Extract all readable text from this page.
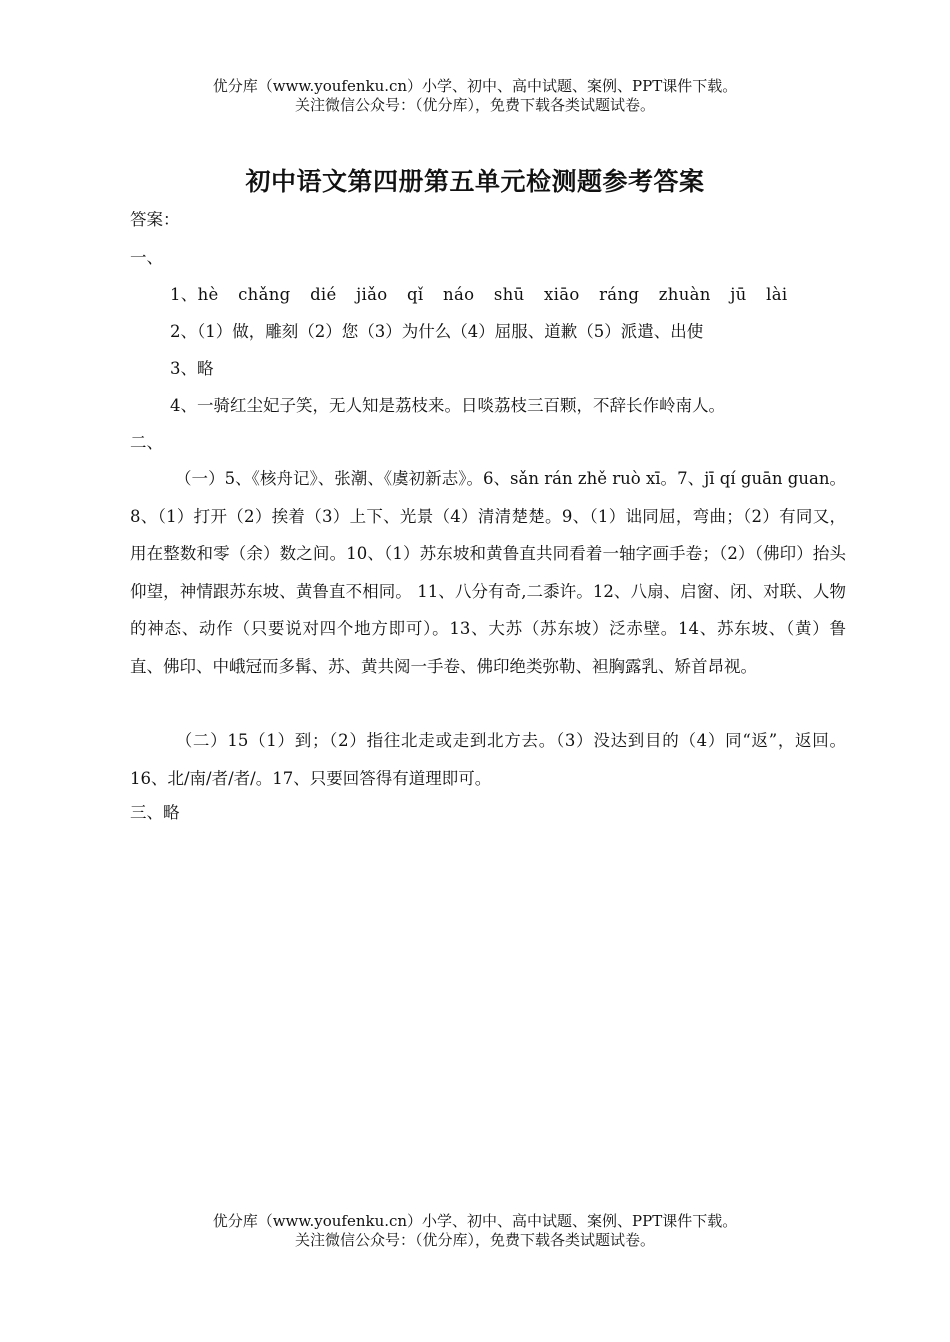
优分库（www.youfenku.cn）小学、初中、高中试题、案例、PPT课件下载。
关注微信公众号：（优分库），免费下载各类试题试卷。
初中语文第四册第五单元检测题参考答案
答案：
一、
1、hè chǎng dié jiǎo qǐ náo shū xiāo ráng zhuàn jū lài
2、（1）做，雕刻（2）您（3）为什么（4）屈服、道歉（5）派遣、出使
3、略
4、一骑红尘妃子笑，无人知是荔枝来。日啖荔枝三百颗，不辞长作岭南人。
二、
（一）5、《核舟记》、张潮、《虞初新志》。6、sǎn rán zhě ruò xī。7、jī qí guān guan。8、（1）打开（2）挨着（3）上下、光景（4）清清楚楚。9、（1）诎同屈，弯曲；（2）有同又，用在整数和零（余）数之间。10、（1）苏东坡和黄鲁直共同看着一轴字画手卷；（2）（佛印）抬头仰望，神情跟苏东坡、黄鲁直不相同。 11、八分有奇,二黍许。12、八扇、启窗、闭、对联、人物的神态、动作（只要说对四个地方即可）。13、大苏（苏东坡）泛赤壁。14、苏东坡、（黄）鲁直、佛印、中峨冠而多髯、苏、黄共阅一手卷、佛印绝类弥勒、袒胸露乳、矫首昂视。
（二）15（1）到；（2）指往北走或走到北方去。（3）没达到目的（4）同“返”，返回。16、北/南/者/者/。17、只要回答得有道理即可。
三、略
优分库（www.youfenku.cn）小学、初中、高中试题、案例、PPT课件下载。
关注微信公众号：（优分库），免费下载各类试题试卷。
